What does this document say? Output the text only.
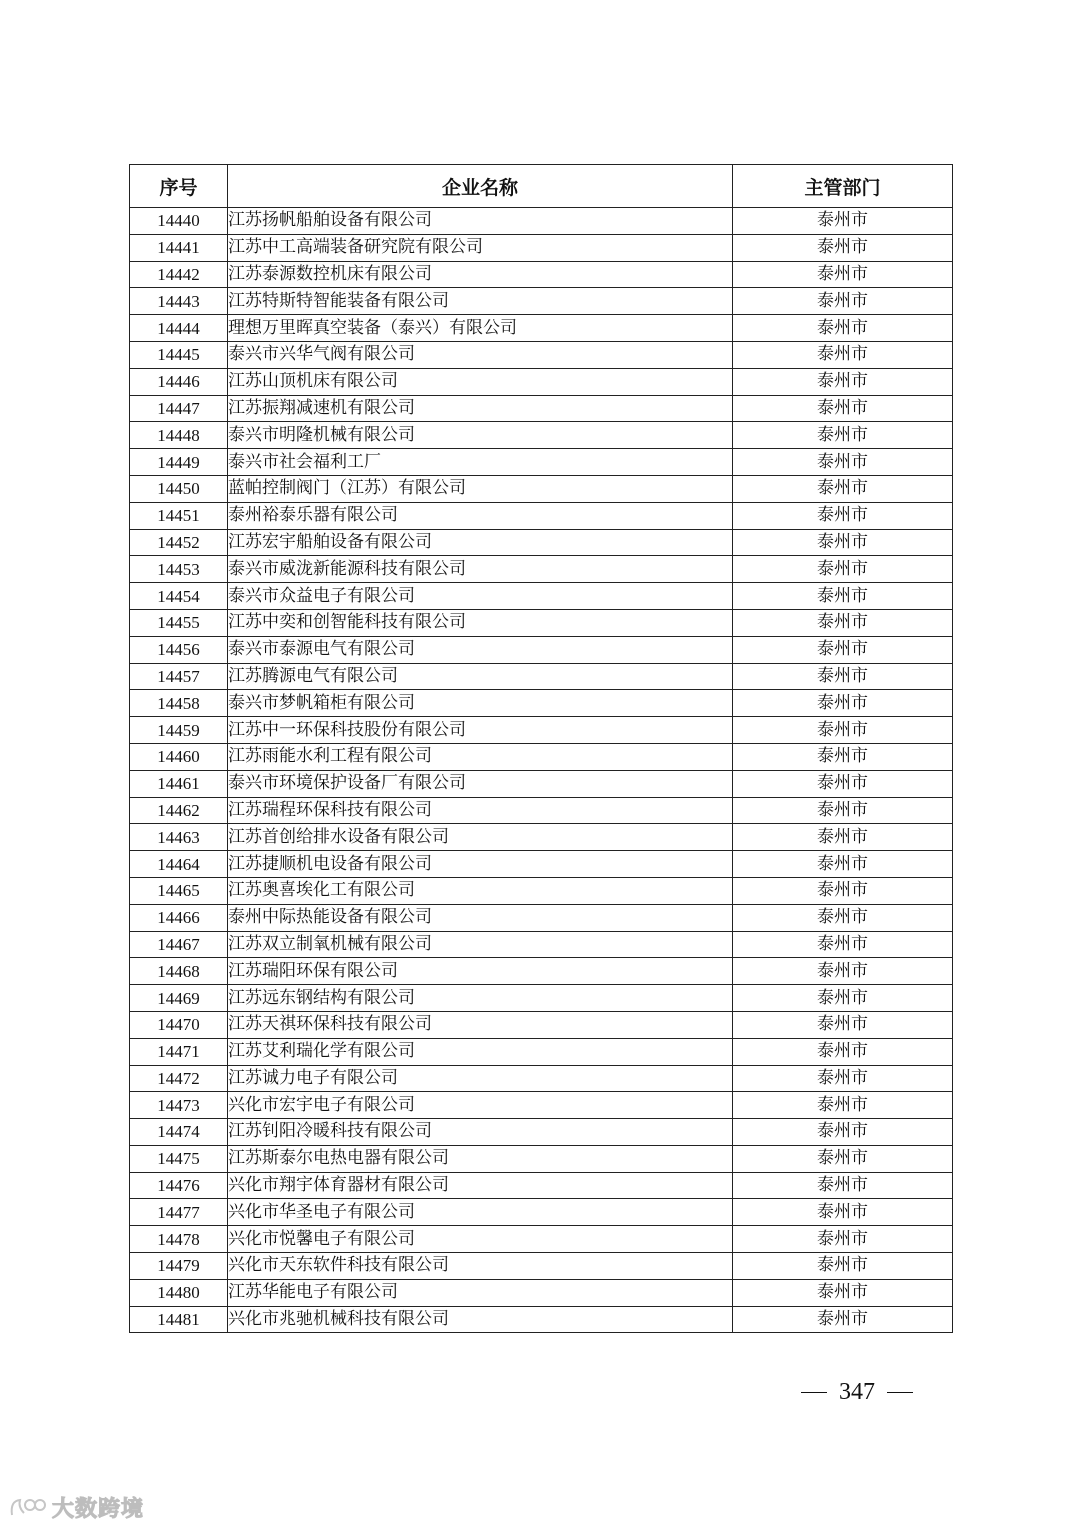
序号	企业名称	主管部门
14440	江苏扬帆船舶设备有限公司	泰州市
14441	江苏中工高端装备研究院有限公司	泰州市
14442	江苏泰源数控机床有限公司	泰州市
14443	江苏特斯特智能装备有限公司	泰州市
14444	理想万里晖真空装备（泰兴）有限公司	泰州市
14445	泰兴市兴华气阀有限公司	泰州市
14446	江苏山顶机床有限公司	泰州市
14447	江苏振翔减速机有限公司	泰州市
14448	泰兴市明隆机械有限公司	泰州市
14449	泰兴市社会福利工厂	泰州市
14450	蓝帕控制阀门（江苏）有限公司	泰州市
14451	泰州裕泰乐器有限公司	泰州市
14452	江苏宏宇船舶设备有限公司	泰州市
14453	泰兴市威泷新能源科技有限公司	泰州市
14454	泰兴市众益电子有限公司	泰州市
14455	江苏中奕和创智能科技有限公司	泰州市
14456	泰兴市泰源电气有限公司	泰州市
14457	江苏腾源电气有限公司	泰州市
14458	泰兴市梦帆箱柜有限公司	泰州市
14459	江苏中一环保科技股份有限公司	泰州市
14460	江苏雨能水利工程有限公司	泰州市
14461	泰兴市环境保护设备厂有限公司	泰州市
14462	江苏瑞程环保科技有限公司	泰州市
14463	江苏首创给排水设备有限公司	泰州市
14464	江苏捷顺机电设备有限公司	泰州市
14465	江苏奥喜埃化工有限公司	泰州市
14466	泰州中际热能设备有限公司	泰州市
14467	江苏双立制氧机械有限公司	泰州市
14468	江苏瑞阳环保有限公司	泰州市
14469	江苏远东钢结构有限公司	泰州市
14470	江苏天祺环保科技有限公司	泰州市
14471	江苏艾利瑞化学有限公司	泰州市
14472	江苏诚力电子有限公司	泰州市
14473	兴化市宏宇电子有限公司	泰州市
14474	江苏钊阳冷暖科技有限公司	泰州市
14475	江苏斯泰尔电热电器有限公司	泰州市
14476	兴化市翔宇体育器材有限公司	泰州市
14477	兴化市华圣电子有限公司	泰州市
14478	兴化市悦馨电子有限公司	泰州市
14479	兴化市天东软件科技有限公司	泰州市
14480	江苏华能电子有限公司	泰州市
14481	兴化市兆驰机械科技有限公司	泰州市
347
大数跨境
